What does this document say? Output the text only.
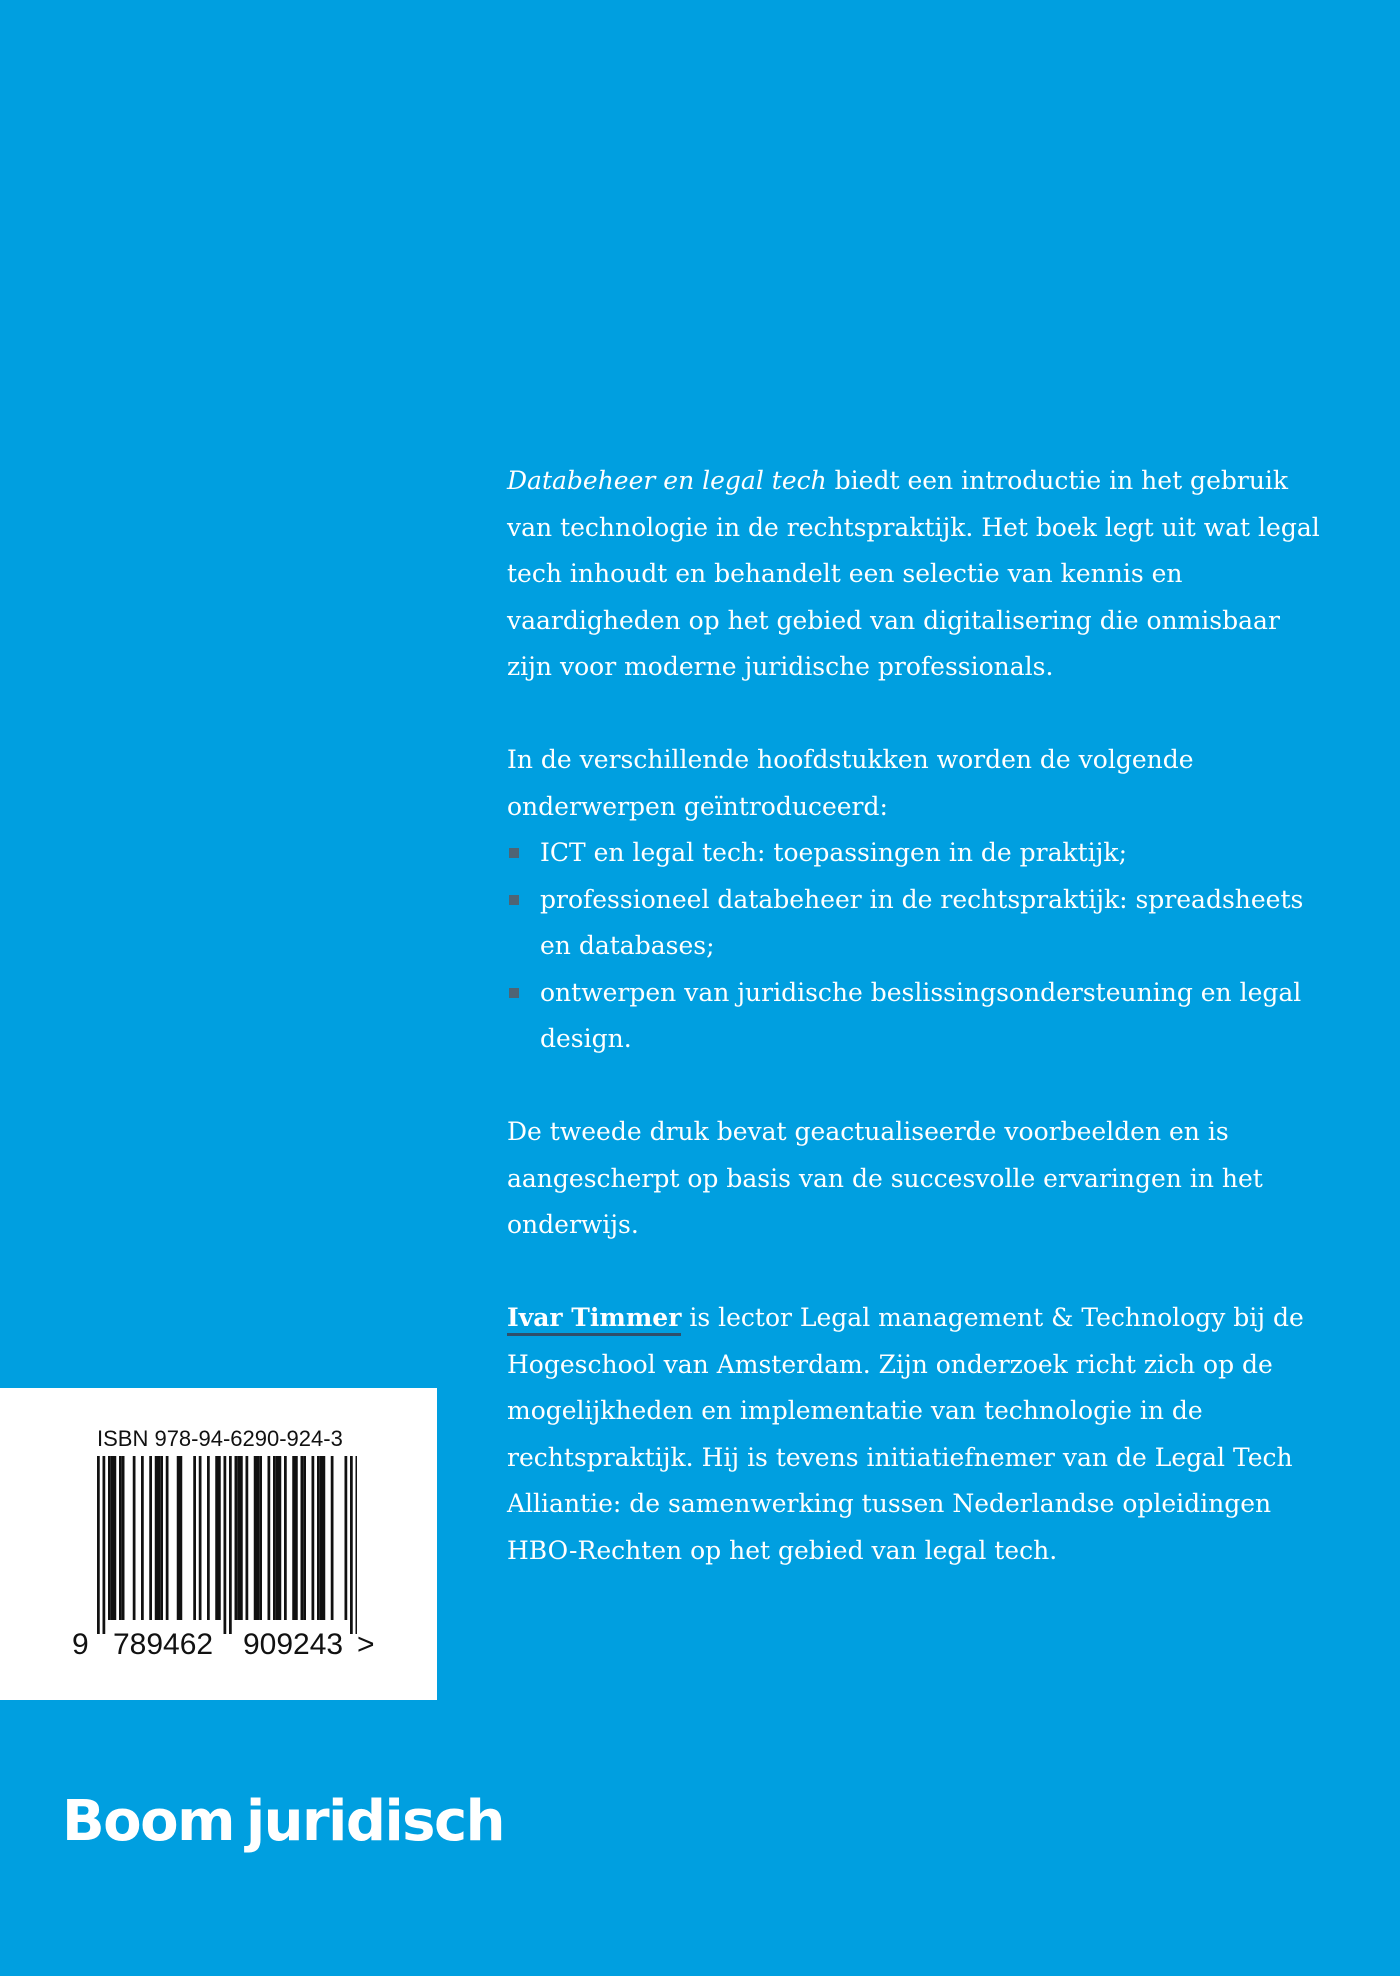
Databeheer en legal tech biedt een introductie in het gebruik van technologie in de rechtspraktijk. Het boek legt uit wat legal tech inhoudt en behandelt een selectie van kennis en vaardigheden op het gebied van digitalisering die onmisbaar zijn voor moderne juridische professionals.

In de verschillende hoofdstukken worden de volgende onderwerpen geïntroduceerd:

ICT en legal tech: toepassingen in de praktijk;
professioneel databeheer in de rechtspraktijk: spreadsheets en databases;
ontwerpen van juridische beslissingsondersteuning en legal design.

De tweede druk bevat geactualiseerde voorbeelden en is aangescherpt op basis van de succesvolle ervaringen in het onderwijs.

Ivar Timmer is lector Legal management & Technology bij de Hogeschool van Amsterdam. Zijn onderzoek richt zich op de mogelijkheden en implementatie van technologie in de rechtspraktijk. Hij is tevens initiatiefnemer van de Legal Tech Alliantie: de samenwerking tussen Nederlandse opleidingen HBO-Rechten op het gebied van legal tech.

ISBN 978-94-6290-924-3
9 789462 909243 >
Boom juridisch
